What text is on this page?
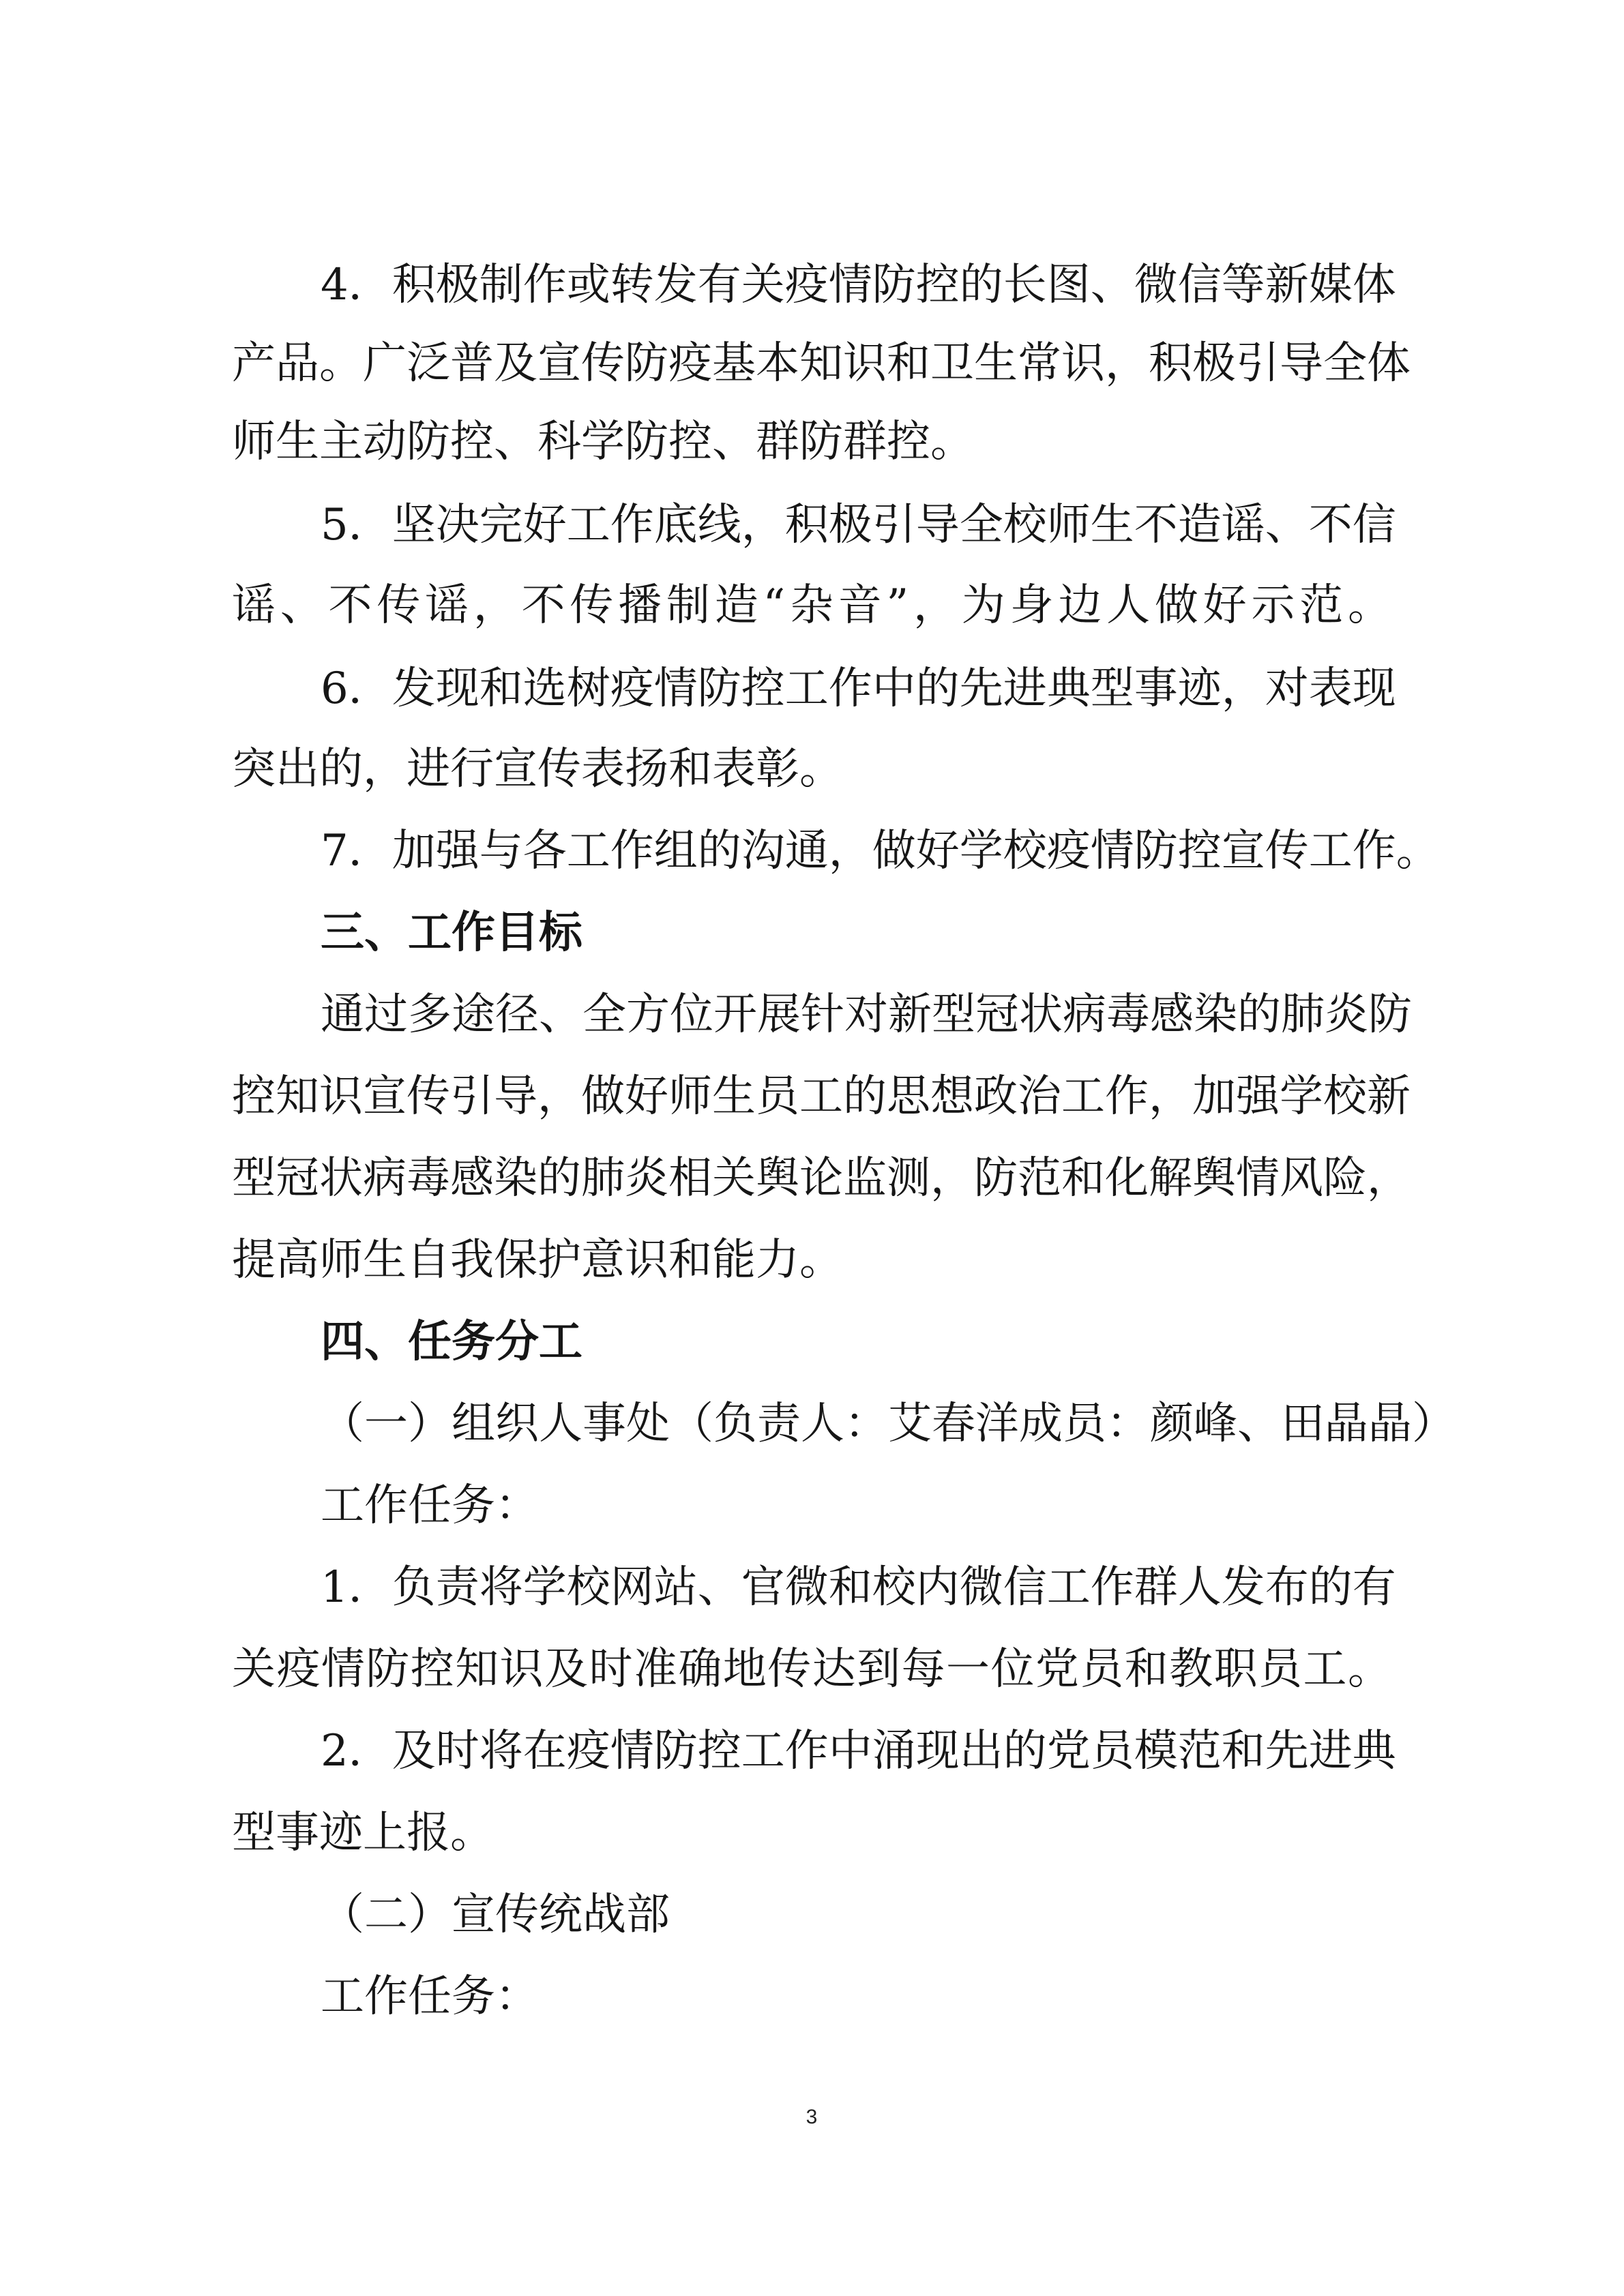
4．积极制作或转发有关疫情防控的长图、微信等新媒体
产品。广泛普及宣传防疫基本知识和卫生常识，积极引导全体
师生主动防控、科学防控、群防群控。
5．坚决完好工作底线，积极引导全校师生不造谣、不信
谣、不传谣，不传播制造“杂音”，为身边人做好示范。
6．发现和选树疫情防控工作中的先进典型事迹，对表现
突出的，进行宣传表扬和表彰。
7．加强与各工作组的沟通，做好学校疫情防控宣传工作。
三、工作目标
通过多途径、全方位开展针对新型冠状病毒感染的肺炎防
控知识宣传引导，做好师生员工的思想政治工作，加强学校新
型冠状病毒感染的肺炎相关舆论监测，防范和化解舆情风险，
提高师生自我保护意识和能力。
四、任务分工
（一）组织人事处（负责人：艾春洋成员：颜峰、田晶晶）
工作任务：
1．负责将学校网站、官微和校内微信工作群人发布的有
关疫情防控知识及时准确地传达到每一位党员和教职员工。
2．及时将在疫情防控工作中涌现出的党员模范和先进典
型事迹上报。
（二）宣传统战部
工作任务：
3
